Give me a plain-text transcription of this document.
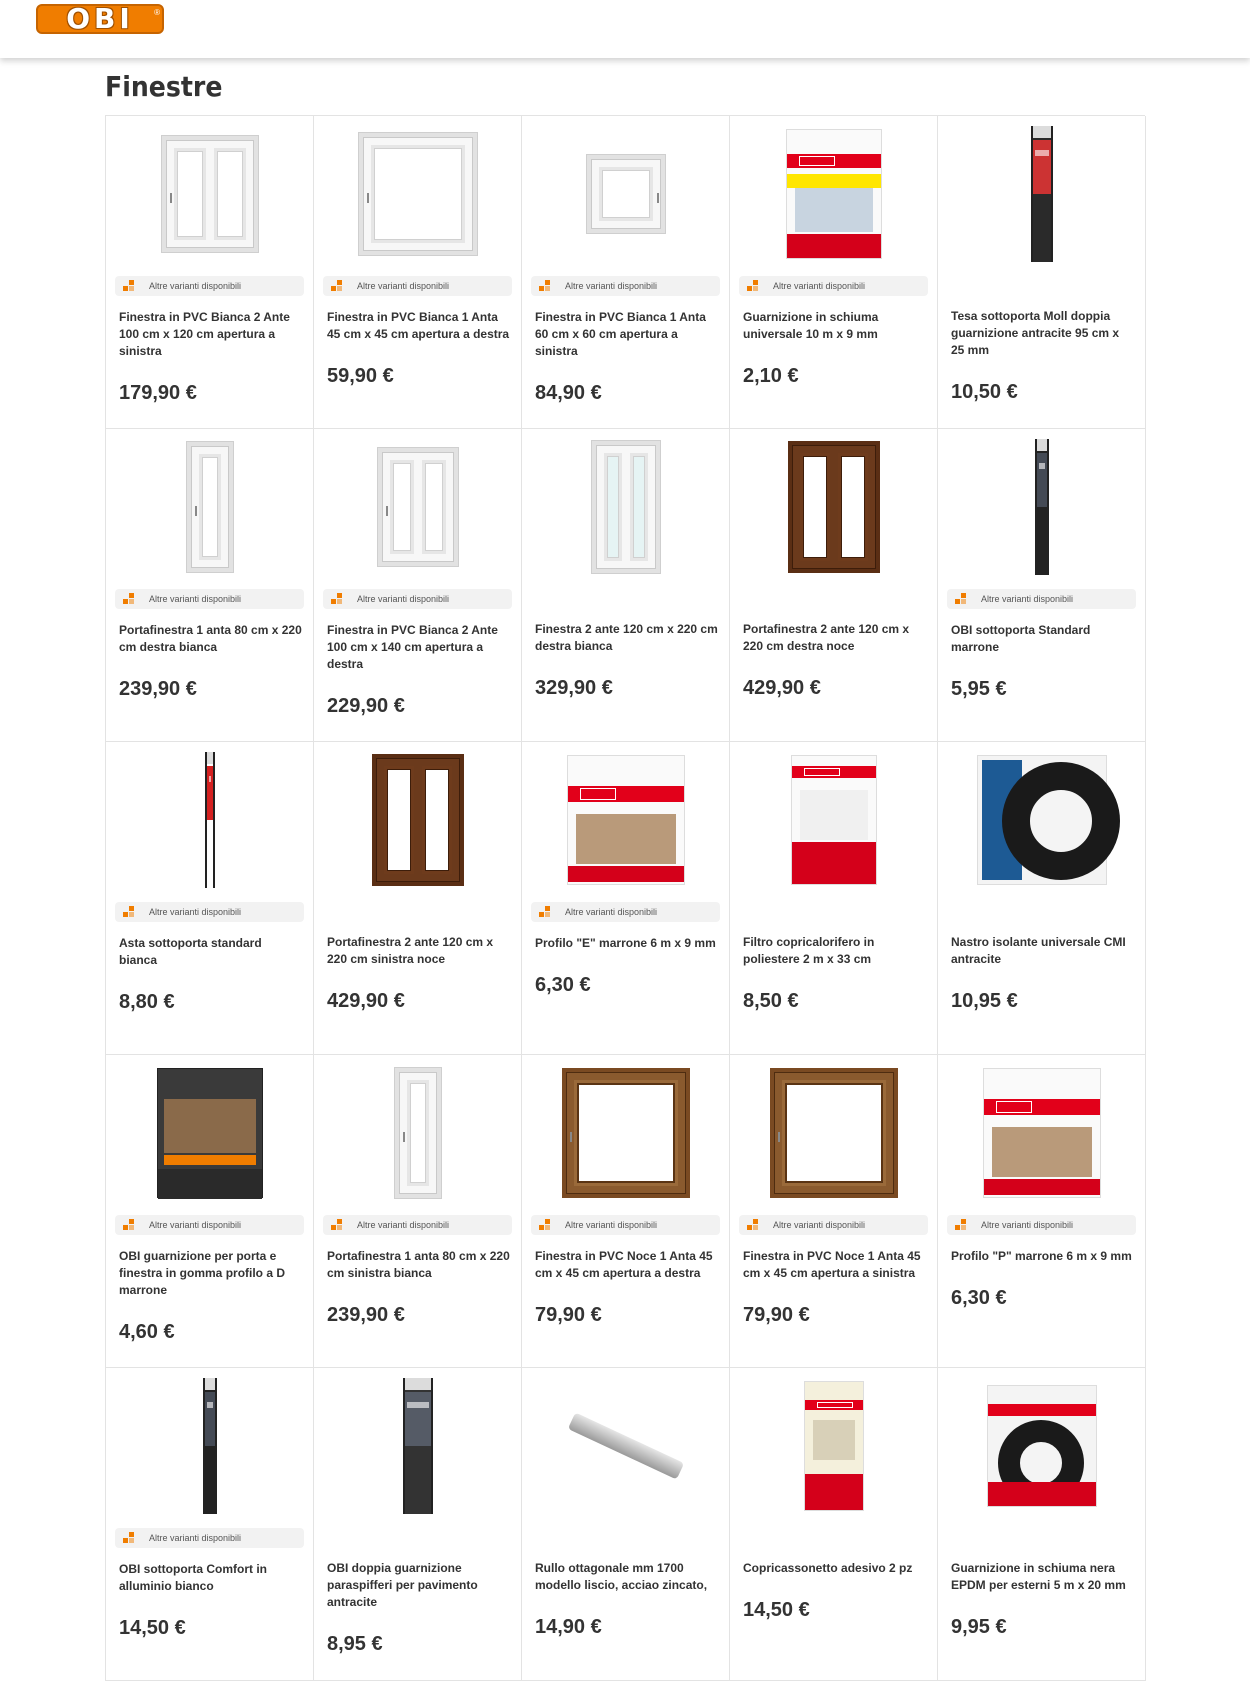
OBI	®
Finestre
Altre varianti disponibili
Finestra in PVC Bianca 2 Ante 100 cm x 120 cm apertura a sinistra
179,90 €
Altre varianti disponibili
Finestra in PVC Bianca 1 Anta 45 cm x 45 cm apertura a destra
59,90 €
Altre varianti disponibili
Finestra in PVC Bianca 1 Anta 60 cm x 60 cm apertura a sinistra
84,90 €
Altre varianti disponibili
Guarnizione in schiuma universale 10 m x 9 mm
2,10 €
Tesa sottoporta Moll doppia guarnizione antracite 95 cm x 25 mm
10,50 €
Altre varianti disponibili
Portafinestra 1 anta 80 cm x 220 cm destra bianca
239,90 €
Altre varianti disponibili
Finestra in PVC Bianca 2 Ante 100 cm x 140 cm apertura a destra
229,90 €
Finestra 2 ante 120 cm x 220 cm destra bianca
329,90 €
Portafinestra 2 ante 120 cm x 220 cm destra noce
429,90 €
Altre varianti disponibili
OBI sottoporta Standard marrone
5,95 €
Altre varianti disponibili
Asta sottoporta standard bianca
8,80 €
Portafinestra 2 ante 120 cm x 220 cm sinistra noce
429,90 €
Altre varianti disponibili
Profilo "E" marrone 6 m x 9 mm
6,30 €
Filtro copricalorifero in poliestere 2 m x 33 cm
8,50 €
Nastro isolante universale CMI antracite
10,95 €
Altre varianti disponibili
OBI guarnizione per porta e finestra in gomma profilo a D marrone
4,60 €
Altre varianti disponibili
Portafinestra 1 anta 80 cm x 220 cm sinistra bianca
239,90 €
Altre varianti disponibili
Finestra in PVC Noce 1 Anta 45 cm x 45 cm apertura a destra
79,90 €
Altre varianti disponibili
Finestra in PVC Noce 1 Anta 45 cm x 45 cm apertura a sinistra
79,90 €
Altre varianti disponibili
Profilo "P" marrone 6 m x 9 mm
6,30 €
Altre varianti disponibili
OBI sottoporta Comfort in alluminio bianco
14,50 €
OBI doppia guarnizione paraspifferi per pavimento antracite
8,95 €
Rullo ottagonale mm 1700 modello liscio, acciao zincato,
14,90 €
Copricassonetto adesivo 2 pz
14,50 €
Guarnizione in schiuma nera EPDM per esterni 5 m x 20 mm
9,95 €
